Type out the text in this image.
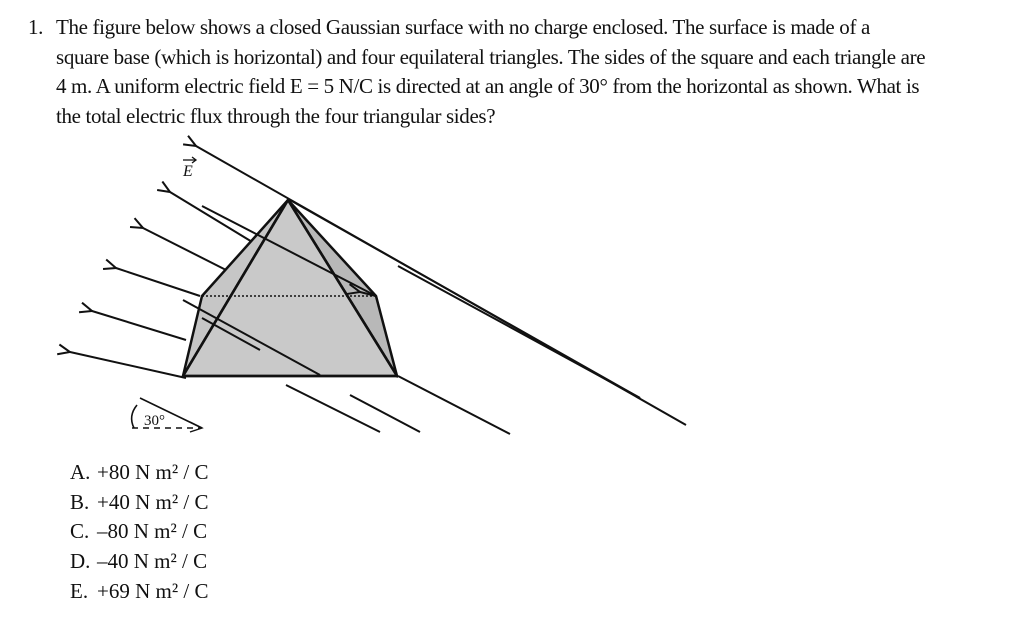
1. The figure below shows a closed Gaussian surface with no charge enclosed. The surface is made of a square base (which is horizontal) and four equilateral triangles. The sides of the square and each triangle are 4 m. A uniform electric field E = 5 N/C is directed at an angle of 30° from the horizontal as shown. What is the total electric flux through the four triangular sides?
E
30°
A. +80 N m² / C
B. +40 N m² / C
C. –80 N m² / C
D. –40 N m² / C
E. +69 N m² / C
